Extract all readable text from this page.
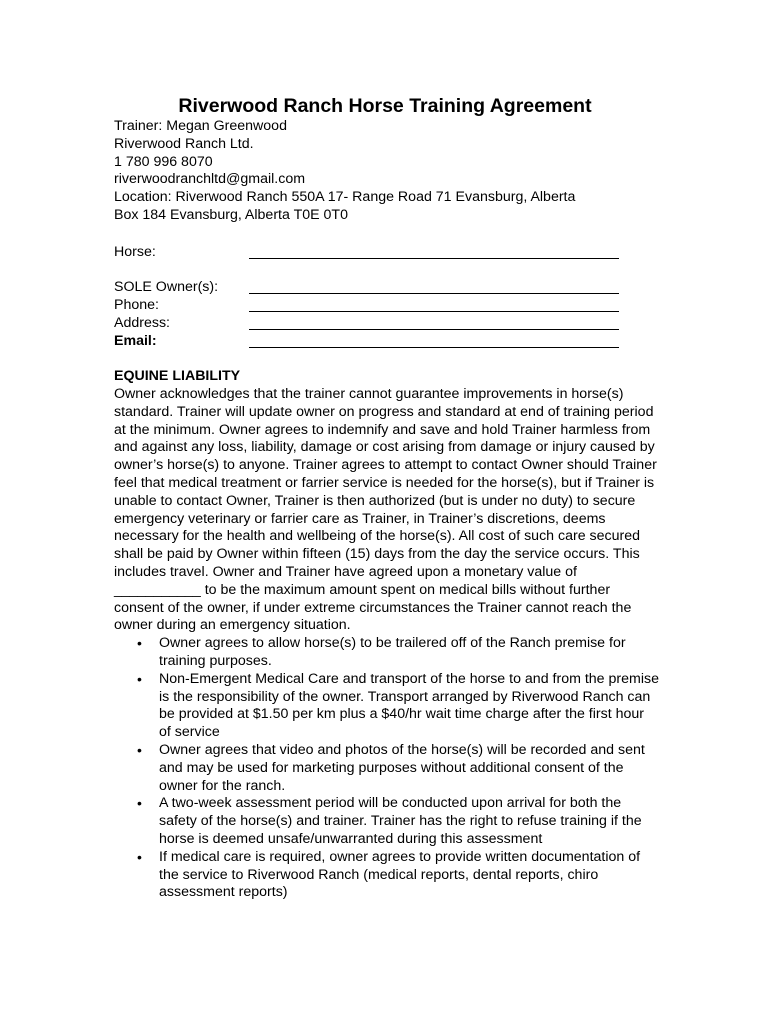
Riverwood Ranch Horse Training Agreement
Trainer: Megan Greenwood
Riverwood Ranch Ltd.
1 780 996 8070
riverwoodranchltd@gmail.com
Location: Riverwood Ranch 550A 17- Range Road 71 Evansburg, Alberta
Box 184 Evansburg, Alberta T0E 0T0
Horse:
SOLE Owner(s):
Phone:
Address:
Email:
EQUINE LIABILITY

Owner acknowledges that the trainer cannot guarantee improvements in horse(s) standard. Trainer will update owner on progress and standard at end of training period at the minimum. Owner agrees to indemnify and save and hold Trainer harmless from and against any loss, liability, damage or cost arising from damage or injury caused by owner’s horse(s) to anyone. Trainer agrees to attempt to contact Owner should Trainer feel that medical treatment or farrier service is needed for the horse(s), but if Trainer is unable to contact Owner, Trainer is then authorized (but is under no duty) to secure emergency veterinary or farrier care as Trainer, in Trainer’s discretions, deems necessary for the health and wellbeing of the horse(s). All cost of such care secured shall be paid by Owner within fifteen (15) days from the day the service occurs. This includes travel. Owner and Trainer have agreed upon a monetary value of ___________ to be the maximum amount spent on medical bills without further consent of the owner, if under extreme circumstances the Trainer cannot reach the owner during an emergency situation.

• Owner agrees to allow horse(s) to be trailered off of the Ranch premise for training purposes.
• Non-Emergent Medical Care and transport of the horse to and from the premise is the responsibility of the owner. Transport arranged by Riverwood Ranch can be provided at $1.50 per km plus a $40/hr wait time charge after the first hour of service
• Owner agrees that video and photos of the horse(s) will be recorded and sent and may be used for marketing purposes without additional consent of the owner for the ranch.
• A two-week assessment period will be conducted upon arrival for both the safety of the horse(s) and trainer. Trainer has the right to refuse training if the horse is deemed unsafe/unwarranted during this assessment
• If medical care is required, owner agrees to provide written documentation of the service to Riverwood Ranch (medical reports, dental reports, chiro assessment reports)
